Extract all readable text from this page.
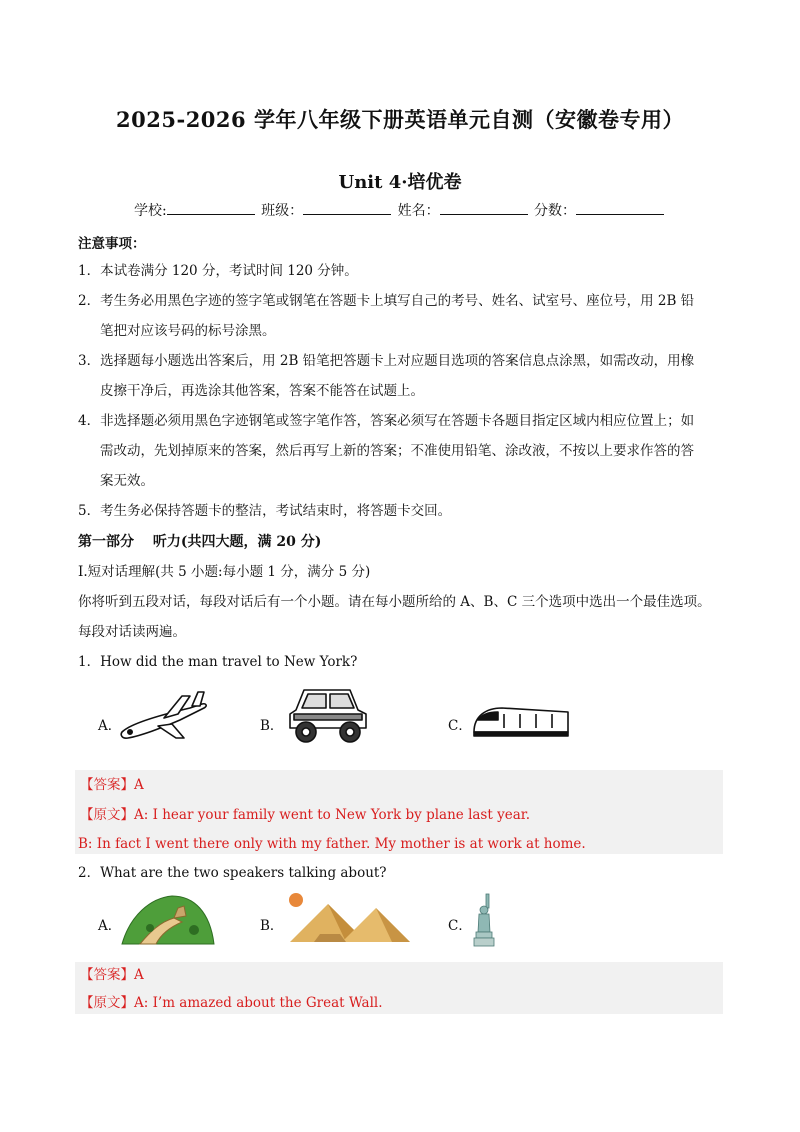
2025-2026 学年八年级下册英语单元自测（安徽卷专用）
Unit 4·培优卷
学校:	班级：	姓名：	分数：
注意事项：
1．本试卷满分 120 分，考试时间 120 分钟。
2．考生务必用黑色字迹的签字笔或钢笔在答题卡上填写自己的考号、姓名、试室号、座位号，用 2B 铅
笔把对应该号码的标号涂黑。
3．选择题每小题选出答案后，用 2B 铅笔把答题卡上对应题目选项的答案信息点涂黑，如需改动，用橡
皮擦干净后，再选涂其他答案，答案不能答在试题上。
4．非选择题必须用黑色字迹钢笔或签字笔作答，答案必须写在答题卡各题目指定区域内相应位置上；如
需改动，先划掉原来的答案，然后再写上新的答案；不准使用铅笔、涂改液，不按以上要求作答的答
案无效。
5．考生务必保持答题卡的整洁，考试结束时，将答题卡交回。
第一部分　 听力(共四大题，满 20 分)
I.短对话理解(共 5 小题:每小题 1 分，满分 5 分)
你将听到五段对话，每段对话后有一个小题。请在每小题所给的 A、B、C 三个选项中选出一个最佳选项。
每段对话读两遍。
1．How did the man travel to New York?
A．	B．	C．
【答案】A
【原文】A: I hear your family went to New York by plane last year.
B: In fact I went there only with my father. My mother is at work at home.
2．What are the two speakers talking about?
A．	B．	C．
【答案】A
【原文】A: I’m amazed about the Great Wall.
